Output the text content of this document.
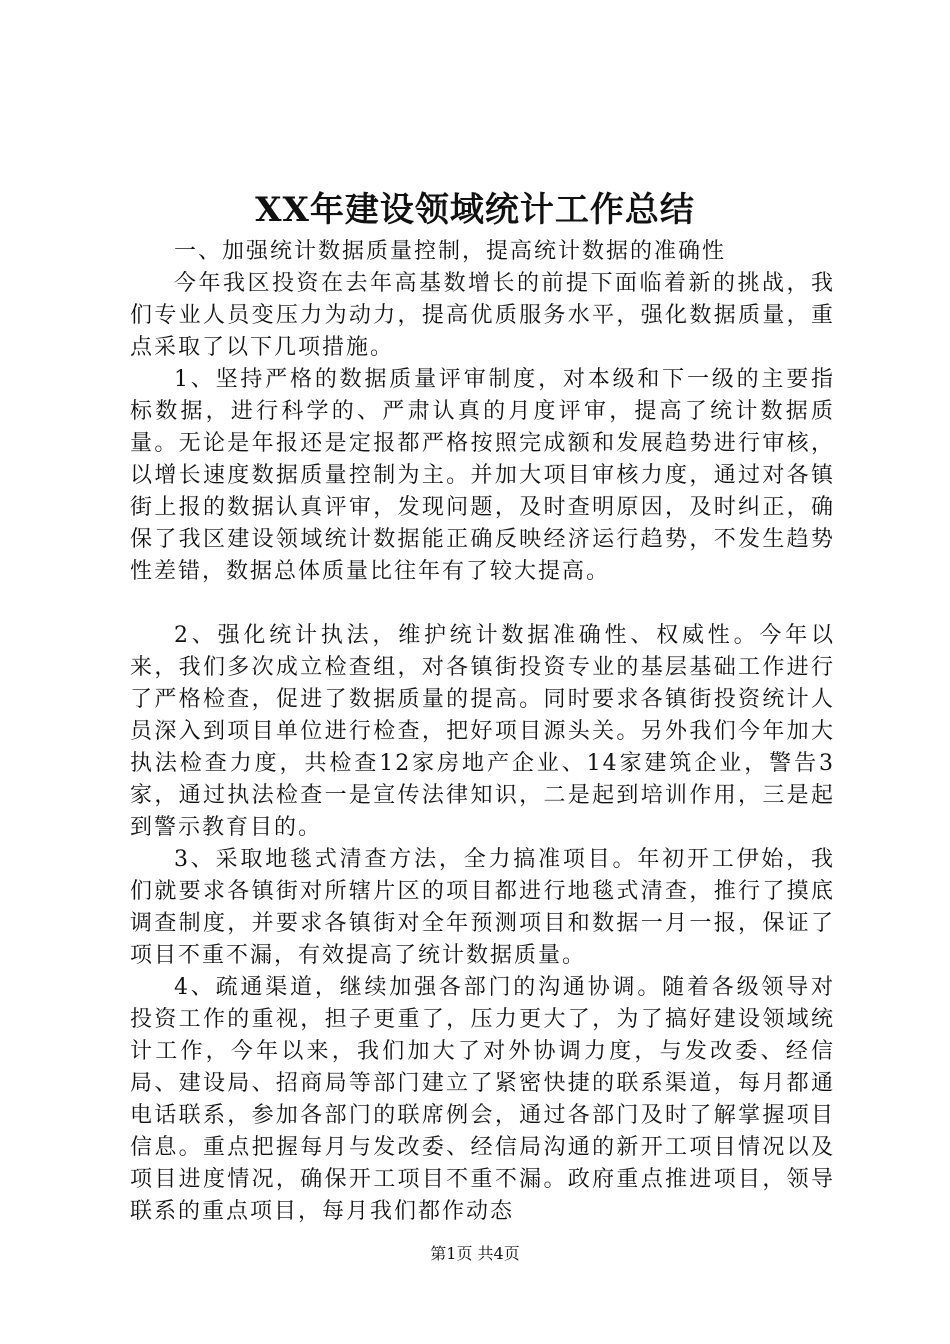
XX年建设领域统计工作总结

一、加强统计数据质量控制，提高统计数据的准确性

今年我区投资在去年高基数增长的前提下面临着新的挑战，我们专业人员变压力为动力，提高优质服务水平，强化数据质量，重点采取了以下几项措施。

1、坚持严格的数据质量评审制度，对本级和下一级的主要指标数据，进行科学的、严肃认真的月度评审，提高了统计数据质量。无论是年报还是定报都严格按照完成额和发展趋势进行审核，以增长速度数据质量控制为主。并加大项目审核力度，通过对各镇街上报的数据认真评审，发现问题，及时查明原因，及时纠正，确保了我区建设领域统计数据能正确反映经济运行趋势，不发生趋势性差错，数据总体质量比往年有了较大提高。

2、强化统计执法，维护统计数据准确性、权威性。今年以来，我们多次成立检查组，对各镇街投资专业的基层基础工作进行了严格检查，促进了数据质量的提高。同时要求各镇街投资统计人员深入到项目单位进行检查，把好项目源头关。另外我们今年加大执法检查力度，共检查12家房地产企业、14家建筑企业，警告3家，通过执法检查一是宣传法律知识，二是起到培训作用，三是起到警示教育目的。

3、采取地毯式清查方法，全力搞准项目。年初开工伊始，我们就要求各镇街对所辖片区的项目都进行地毯式清查，推行了摸底调查制度，并要求各镇街对全年预测项目和数据一月一报，保证了项目不重不漏，有效提高了统计数据质量。

4、疏通渠道，继续加强各部门的沟通协调。随着各级领导对投资工作的重视，担子更重了，压力更大了，为了搞好建设领域统计工作，今年以来，我们加大了对外协调力度，与发改委、经信局、建设局、招商局等部门建立了紧密快捷的联系渠道，每月都通电话联系，参加各部门的联席例会，通过各部门及时了解掌握项目信息。重点把握每月与发改委、经信局沟通的新开工项目情况以及项目进度情况，确保开工项目不重不漏。政府重点推进项目，领导联系的重点项目，每月我们都作动态

第1页 共4页
